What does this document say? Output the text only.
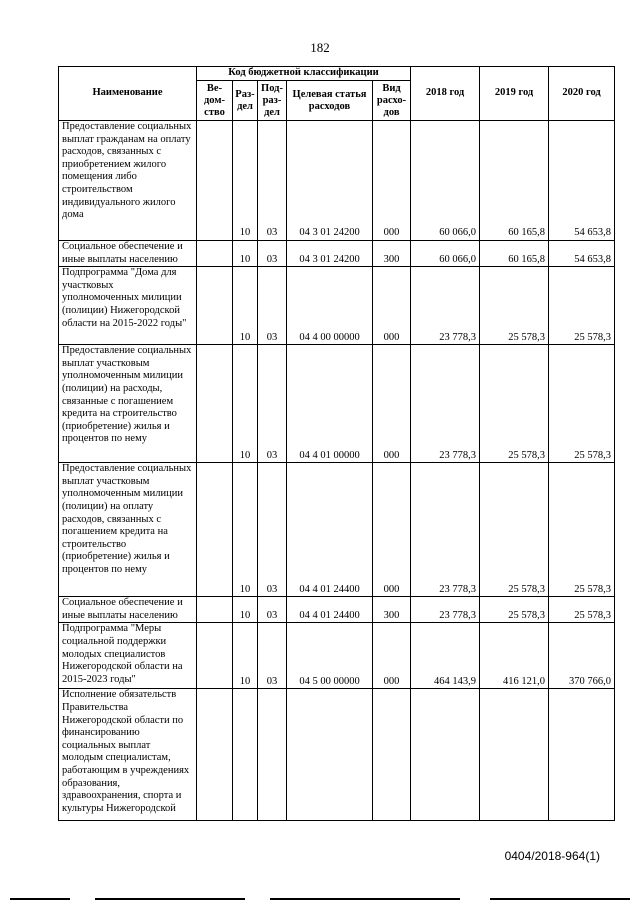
182
Наименование	Код бюджетной классификации					2018 год	2019 год	2020 год
	Ве-дом-ство	Раз-дел	Под-раз-дел	Целевая статья расходов	Вид расхо-дов			
Предоставление социальных выплат гражданам на оплату расходов, связанных с приобретением жилого помещения либо строительством индивидуального жилого дома		10	03	04 3 01 24200	000	60 066,0	60 165,8	54 653,8
Социальное обеспечение и иные выплаты населению		10	03	04 3 01 24200	300	60 066,0	60 165,8	54 653,8
Подпрограмма "Дома для участковых уполномоченных милиции (полиции) Нижегородской области на 2015-2022 годы"		10	03	04 4 00 00000	000	23 778,3	25 578,3	25 578,3
Предоставление социальных выплат участковым уполномоченным милиции (полиции) на расходы, связанные с погашением кредита на строительство (приобретение) жилья и процентов по нему		10	03	04 4 01 00000	000	23 778,3	25 578,3	25 578,3
Предоставление социальных выплат участковым уполномоченным милиции (полиции) на оплату расходов, связанных с погашением кредита на строительство (приобретение) жилья и процентов по нему		10	03	04 4 01 24400	000	23 778,3	25 578,3	25 578,3
Социальное обеспечение и иные выплаты населению		10	03	04 4 01 24400	300	23 778,3	25 578,3	25 578,3
Подпрограмма "Меры социальной поддержки молодых специалистов Нижегородской области на 2015-2023 годы"		10	03	04 5 00 00000	000	464 143,9	416 121,0	370 766,0
Исполнение обязательств Правительства Нижегородской области по финансированию социальных выплат молодым специалистам, работающим в учреждениях образования, здравоохранения, спорта и культуры Нижегородской								
0404/2018-964(1)
